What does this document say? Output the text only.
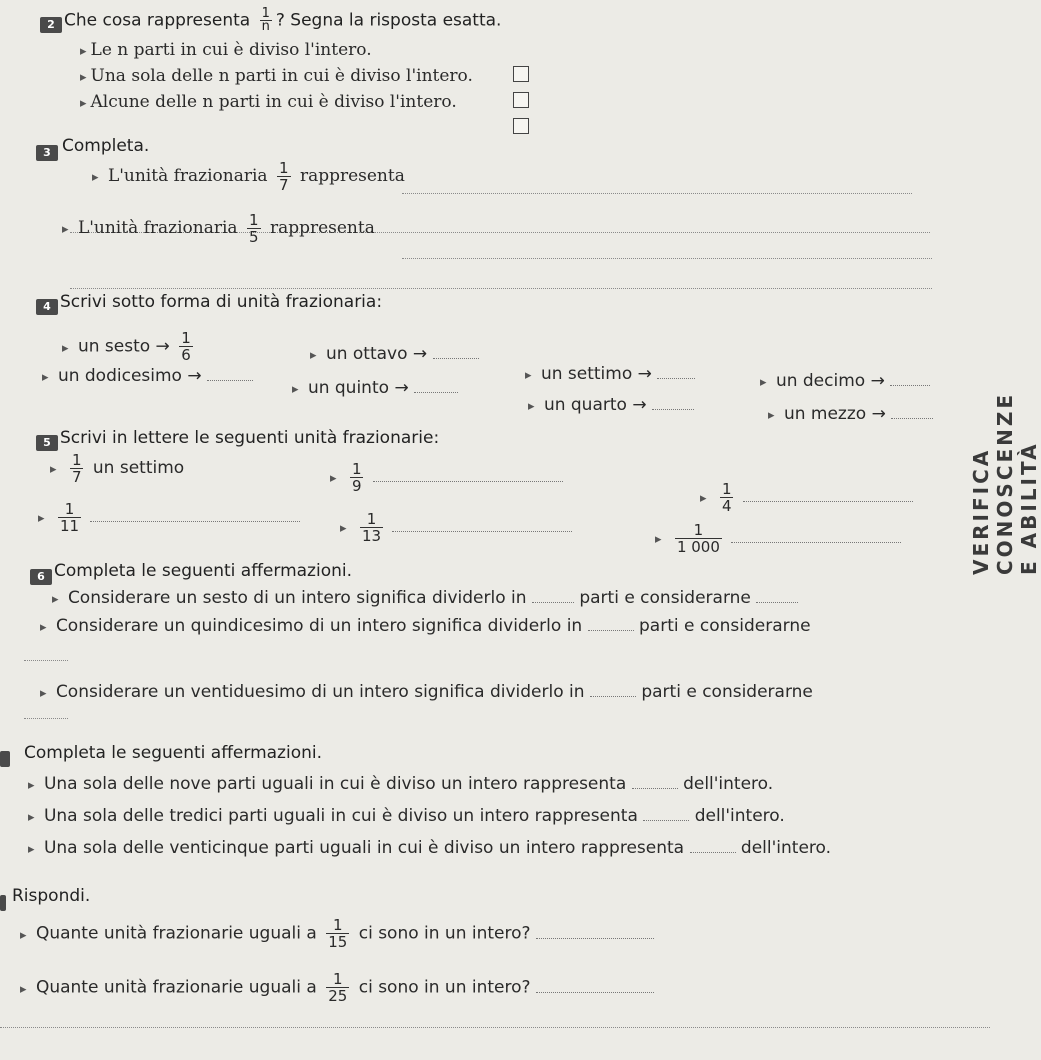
VERIFICA CONOSCENZE E ABILITÀ
2 Che cosa rappresenta $\frac{1}{n}$ ? Segna la risposta esatta.
▸ Le n parti in cui è diviso l'intero.
▸ Una sola delle n parti in cui è diviso l'intero.
▸ Alcune delle n parti in cui è diviso l'intero.
3 Completa.
▸ L'unità frazionaria $\frac{1}{7}$ rappresenta
▸ L'unità frazionaria $\frac{1}{5}$ rappresenta
4 Scrivi sotto forma di unità frazionaria:
▸ un sesto → $\frac{1}{6}$	▸ un ottavo →
▸ un settimo →	▸ un decimo →
▸ un dodicesimo →
▸ un quinto →
▸ un quarto →	▸ un mezzo →
5 Scrivi in lettere le seguenti unità frazionarie:

▸ $\frac{1}{7}$ un settimo
	▸ $\frac{1}{9}$

▸ $\frac{1}{4}$

▸ $\frac{1}{11}$

	▸ $\frac{1}{13}$

	▸ $\frac{1}{1 000}$

6 Completa le seguenti affermazioni.
▸ Considerare un sesto di un intero significa dividerlo in	parti e considerarne
▸ Considerare un quindicesimo di un intero significa dividerlo in	parti e considerarne
▸ Considerare un ventiduesimo di un intero significa dividerlo in	parti e considerarne
Completa le seguenti affermazioni.
▸ Una sola delle nove parti uguali in cui è diviso un intero rappresenta	dell'intero.
▸ Una sola delle tredici parti uguali in cui è diviso un intero rappresenta	dell'intero.
▸ Una sola delle venticinque parti uguali in cui è diviso un intero rappresenta	dell'intero.
Rispondi.
▸ Quante unità frazionarie uguali a $\frac{1}{15}$ ci sono in un intero?
▸ Quante unità frazionarie uguali a $\frac{1}{25}$ ci sono in un intero?
